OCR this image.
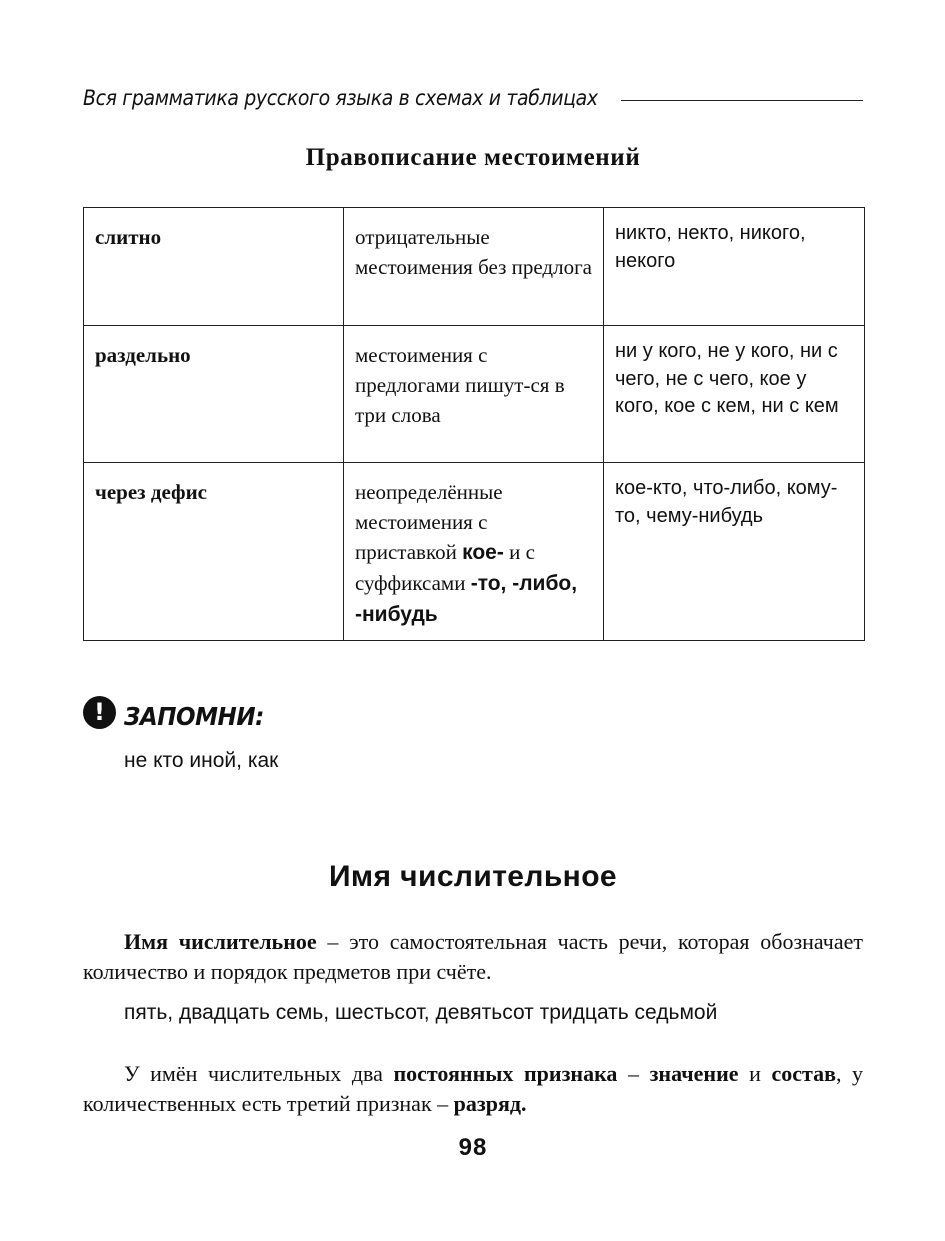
Вся грамматика русского языка в схемах и таблицах
Правописание местоимений
слитно	отрицательные местоимения без предлога	никто, некто, никого, некого
раздельно	местоимения с предлогами пишут-ся в три слова	ни у кого, не у кого, ни с чего, не с чего, кое у кого, кое с кем, ни с кем
через дефис	неопределённые местоимения с приставкой кое- и с суффиксами -то, -либо, -нибудь	кое-кто, что-либо, кому-то, чему-нибудь
! ЗАПОМНИ:
не кто иной, как
Имя числительное
Имя числительное – это самостоятельная часть речи, которая обозначает количество и порядок предметов при счёте.
пять, двадцать семь, шестьсот, девятьсот тридцать седьмой
У имён числительных два постоянных признака – значение и состав, у количественных есть третий признак – разряд.
98
